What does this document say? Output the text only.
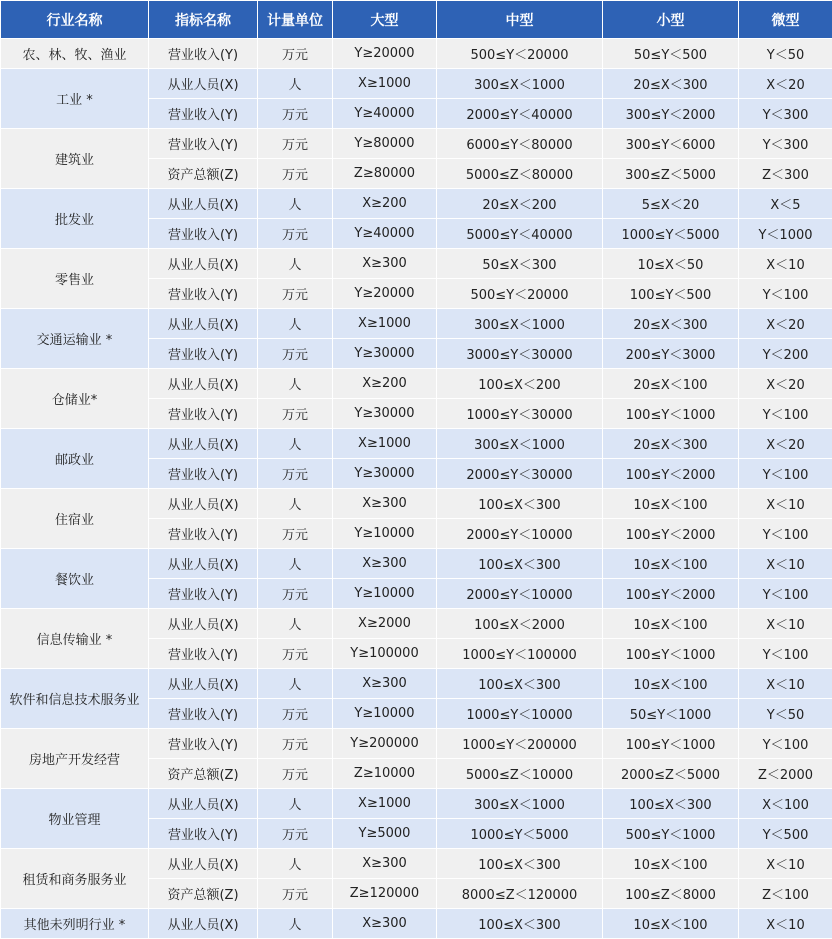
行业名称	指标名称	计量单位	大型	中型	小型	微型
农、林、牧、渔业	营业收入(Y)	万元	Y≥20000	500≤Y＜20000	50≤Y＜500	Y＜50
工业 *	从业人员(X)	人	X≥1000	300≤X＜1000	20≤X＜300	X＜20
	营业收入(Y)	万元	Y≥40000	2000≤Y＜40000	300≤Y＜2000	Y＜300
建筑业	营业收入(Y)	万元	Y≥80000	6000≤Y＜80000	300≤Y＜6000	Y＜300
	资产总额(Z)	万元	Z≥80000	5000≤Z＜80000	300≤Z＜5000	Z＜300
批发业	从业人员(X)	人	X≥200	20≤X＜200	5≤X＜20	X＜5
	营业收入(Y)	万元	Y≥40000	5000≤Y＜40000	1000≤Y＜5000	Y＜1000
零售业	从业人员(X)	人	X≥300	50≤X＜300	10≤X＜50	X＜10
	营业收入(Y)	万元	Y≥20000	500≤Y＜20000	100≤Y＜500	Y＜100
交通运输业 *	从业人员(X)	人	X≥1000	300≤X＜1000	20≤X＜300	X＜20
	营业收入(Y)	万元	Y≥30000	3000≤Y＜30000	200≤Y＜3000	Y＜200
仓储业*	从业人员(X)	人	X≥200	100≤X＜200	20≤X＜100	X＜20
	营业收入(Y)	万元	Y≥30000	1000≤Y＜30000	100≤Y＜1000	Y＜100
邮政业	从业人员(X)	人	X≥1000	300≤X＜1000	20≤X＜300	X＜20
	营业收入(Y)	万元	Y≥30000	2000≤Y＜30000	100≤Y＜2000	Y＜100
住宿业	从业人员(X)	人	X≥300	100≤X＜300	10≤X＜100	X＜10
	营业收入(Y)	万元	Y≥10000	2000≤Y＜10000	100≤Y＜2000	Y＜100
餐饮业	从业人员(X)	人	X≥300	100≤X＜300	10≤X＜100	X＜10
	营业收入(Y)	万元	Y≥10000	2000≤Y＜10000	100≤Y＜2000	Y＜100
信息传输业 *	从业人员(X)	人	X≥2000	100≤X＜2000	10≤X＜100	X＜10
	营业收入(Y)	万元	Y≥100000	1000≤Y＜100000	100≤Y＜1000	Y＜100
软件和信息技术服务业	从业人员(X)	人	X≥300	100≤X＜300	10≤X＜100	X＜10
	营业收入(Y)	万元	Y≥10000	1000≤Y＜10000	50≤Y＜1000	Y＜50
房地产开发经营	营业收入(Y)	万元	Y≥200000	1000≤Y＜200000	100≤Y＜1000	Y＜100
	资产总额(Z)	万元	Z≥10000	5000≤Z＜10000	2000≤Z＜5000	Z＜2000
物业管理	从业人员(X)	人	X≥1000	300≤X＜1000	100≤X＜300	X＜100
	营业收入(Y)	万元	Y≥5000	1000≤Y＜5000	500≤Y＜1000	Y＜500
租赁和商务服务业	从业人员(X)	人	X≥300	100≤X＜300	10≤X＜100	X＜10
	资产总额(Z)	万元	Z≥120000	8000≤Z＜120000	100≤Z＜8000	Z＜100
其他未列明行业 *	从业人员(X)	人	X≥300	100≤X＜300	10≤X＜100	X＜10
